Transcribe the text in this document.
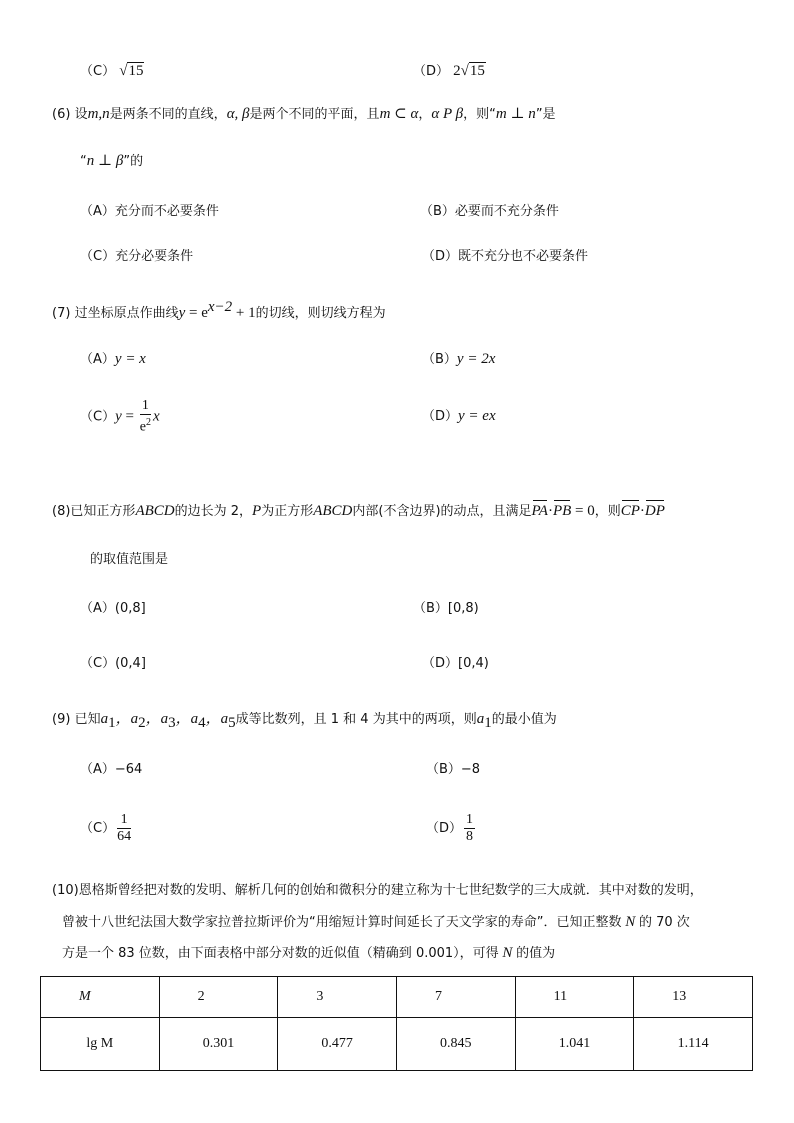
（C） √15	（D） 2√15
(6) 设m,n是两条不同的直线，α, β是两个不同的平面，且m ⊂ α，α P β，则“m ⊥ n”是
“n ⊥ β”的
（A）充分而不必要条件	（B）必要而不充分条件
（C）充分必要条件	（D）既不充分也不必要条件
(7) 过坐标原点作曲线$y = e^{x-2} + 1$的切线，则切线方程为
（A）y = x	（B）y = 2x
$(C)y = \frac{1}{e^2}$ x	（D）y = ex
(8)已知正方形ABCD的边长为 2，P为正方形ABCD内部(不含边界)的动点，且满足PA·PB = 0，则CP·DP
的取值范围是
（A）(0,8]	（B）[0,8)
（C）(0,4]	（D）[0,4)
(9) 已知$a_1$，$a_2$，$a_3$，$a_4$，$a_5$成等比数列，且 1 和 4 为其中的两项，则$a_1$的最小值为
（A）−64	（B）−8
$(C) \frac{1}{64}$	$(D) \frac{1}{8}$
(10)恩格斯曾经把对数的发明、解析几何的创始和微积分的建立称为十七世纪数学的三大成就．其中对数的发明，
曾被十八世纪法国大数学家拉普拉斯评价为“用缩短计算时间延长了天文学家的寿命”．已知正整数 N 的 70 次
方是一个 83 位数，由下面表格中部分对数的近似值（精确到 0.001），可得 N 的值为
M	2	3	7	11	13
lg M	0.301	0.477	0.845	1.041	1.114
